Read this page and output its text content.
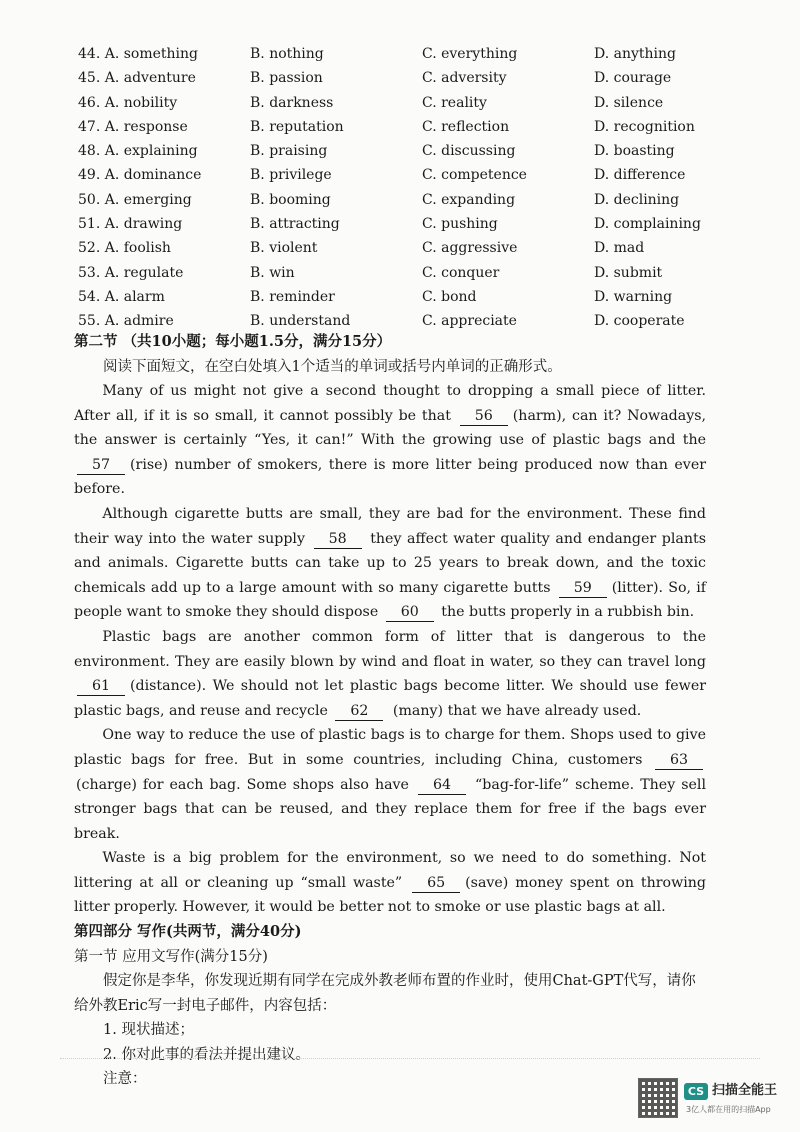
44. A. something	B. nothing	C. everything	D. anything
45. A. adventure	B. passion	C. adversity	D. courage
46. A. nobility	B. darkness	C. reality	D. silence
47. A. response	B. reputation	C. reflection	D. recognition
48. A. explaining	B. praising	C. discussing	D. boasting
49. A. dominance	B. privilege	C. competence	D. difference
50. A. emerging	B. booming	C. expanding	D. declining
51. A. drawing	B. attracting	C. pushing	D. complaining
52. A. foolish	B. violent	C. aggressive	D. mad
53. A. regulate	B. win	C. conquer	D. submit
54. A. alarm	B. reminder	C. bond	D. warning
55. A. admire	B. understand	C. appreciate	D. cooperate
第二节 （共10小题；每小题1.5分，满分15分）
阅读下面短文，在空白处填入1个适当的单词或括号内单词的正确形式。

Many of us might not give a second thought to dropping a small piece of litter. After all, if it is so small, it cannot possibly be that 56 (harm), can it? Nowadays, the answer is certainly “Yes, it can!” With the growing use of plastic bags and the 57 (rise) number of smokers, there is more litter being produced now than ever before.

Although cigarette butts are small, they are bad for the environment. These find their way into the water supply 58 they affect water quality and endanger plants and animals. Cigarette butts can take up to 25 years to break down, and the toxic chemicals add up to a large amount with so many cigarette butts 59 (litter). So, if people want to smoke they should dispose 60 the butts properly in a rubbish bin.

Plastic bags are another common form of litter that is dangerous to the environment. They are easily blown by wind and float in water, so they can travel long 61 (distance). We should not let plastic bags become litter. We should use fewer plastic bags, and reuse and recycle 62 (many) that we have already used.

One way to reduce the use of plastic bags is to charge for them. Shops used to give plastic bags for free. But in some countries, including China, customers 63(charge) for each bag. Some shops also have 64 “bag-for-life” scheme. They sell stronger bags that can be reused, and they replace them for free if the bags ever break.

Waste is a big problem for the environment, so we need to do something. Not littering at all or cleaning up “small waste” 65 (save) money spent on throwing litter properly. However, it would be better not to smoke or use plastic bags at all.

第四部分 写作(共两节，满分40分)
第一节 应用文写作(满分15分)
假定你是李华，你发现近期有同学在完成外教老师布置的作业时，使用Chat-GPT代写，请你给外教Eric写一封电子邮件，内容包括：
1. 现状描述；
2. 你对此事的看法并提出建议。
注意：
CS 扫描全能王
3亿人都在用的扫描App
